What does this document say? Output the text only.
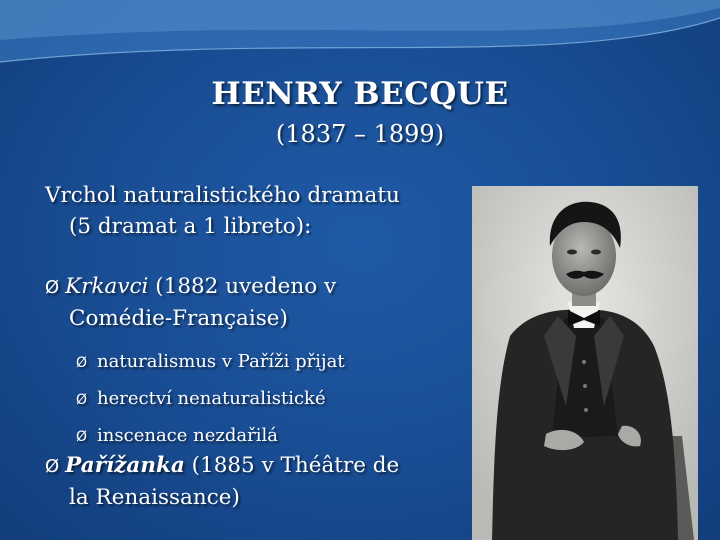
HENRY BECQUE
(1837 – 1899)
Vrchol naturalistického dramatu
(5 dramat a 1 libreto):
Ø Krkavci (1882 uvedeno v
Comédie-Française)
Ø naturalismus v Paříži přijat
Ø herectví nenaturalistické
Ø inscenace nezdařilá
Ø Pařížanka (1885 v Théâtre de
la Renaissance)
